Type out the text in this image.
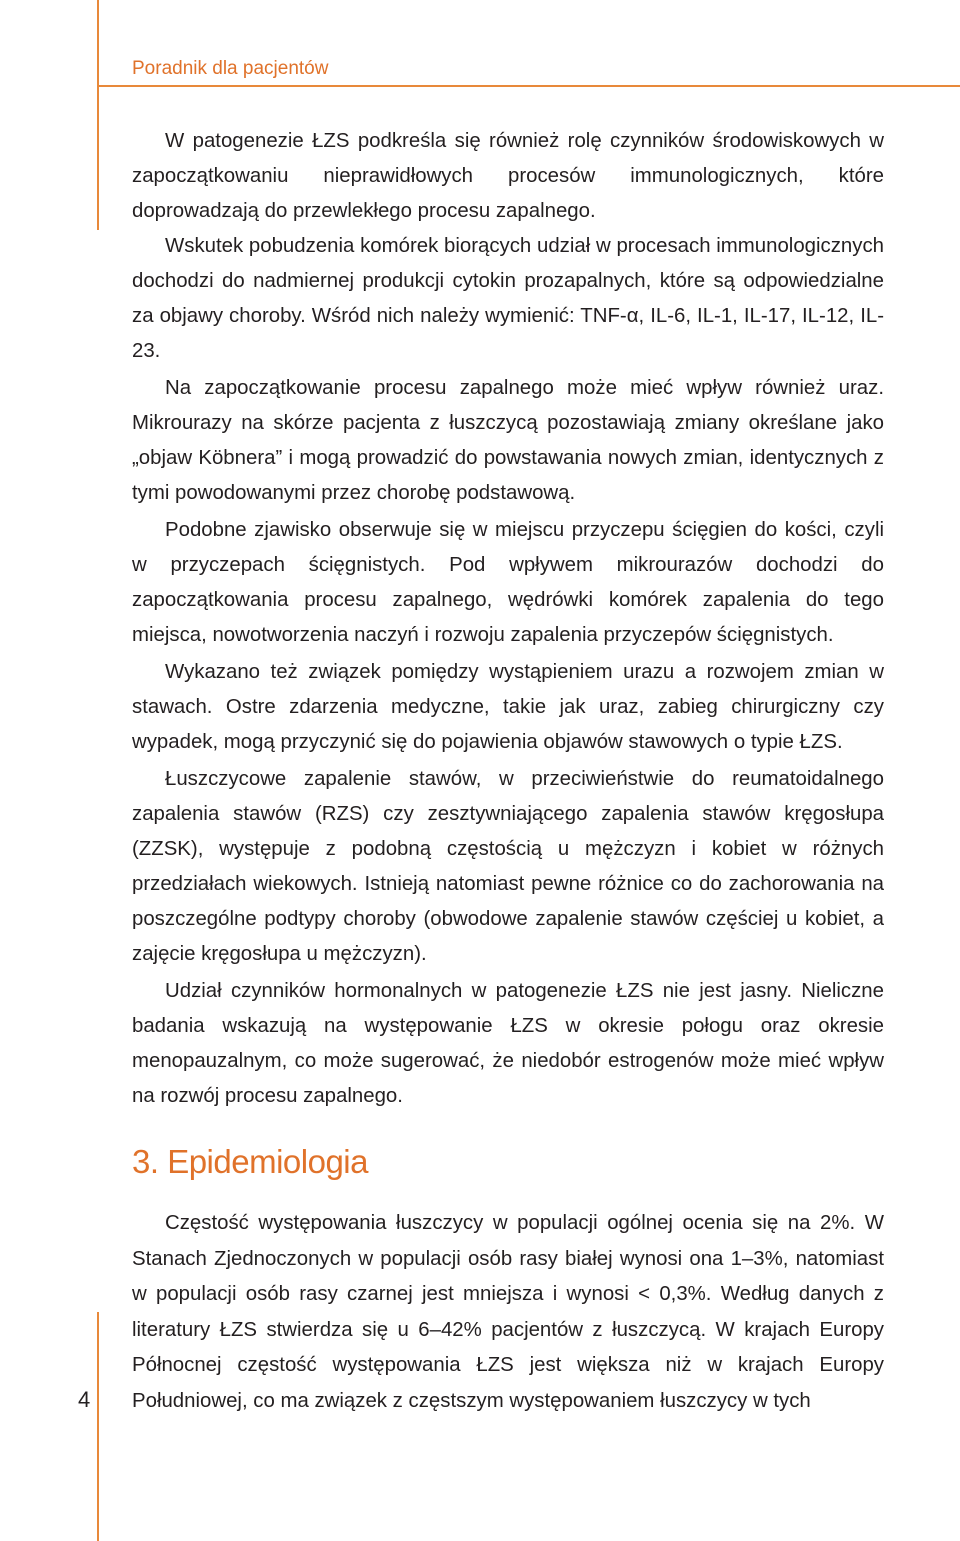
Poradnik dla pacjentów

W patogenezie ŁZS podkreśla się również rolę czynników środowiskowych w zapoczątkowaniu nieprawidłowych procesów immunologicznych, które doprowadzają do przewlekłego procesu zapalnego.

Wskutek pobudzenia komórek biorących udział w procesach immunologicznych dochodzi do nadmiernej produkcji cytokin prozapalnych, które są odpowiedzialne za objawy choroby. Wśród nich należy wymienić: TNF-α, IL-6, IL-1, IL-17, IL-12, IL-23.

Na zapoczątkowanie procesu zapalnego może mieć wpływ również uraz. Mikrourazy na skórze pacjenta z łuszczycą pozostawiają zmiany określane jako „objaw Köbnera” i mogą prowadzić do powstawania nowych zmian, identycznych z tymi powodowanymi przez chorobę podstawową.

Podobne zjawisko obserwuje się w miejscu przyczepu ścięgien do kości, czyli w przyczepach ścięgnistych. Pod wpływem mikrourazów dochodzi do zapoczątkowania procesu zapalnego, wędrówki komórek zapalenia do tego miejsca, nowotworzenia naczyń i rozwoju zapalenia przyczepów ścięgnistych.

Wykazano też związek pomiędzy wystąpieniem urazu a rozwojem zmian w stawach. Ostre zdarzenia medyczne, takie jak uraz, zabieg chirurgiczny czy wypadek, mogą przyczynić się do pojawienia objawów stawowych o typie ŁZS.

Łuszczycowe zapalenie stawów, w przeciwieństwie do reumatoidalnego zapalenia stawów (RZS) czy zesztywniającego zapalenia stawów kręgosłupa (ZZSK), występuje z podobną częstością u mężczyzn i kobiet w różnych przedziałach wiekowych. Istnieją natomiast pewne różnice co do zachorowania na poszczególne podtypy choroby (obwodowe zapalenie stawów częściej u kobiet, a zajęcie kręgosłupa u mężczyzn).

Udział czynników hormonalnych w patogenezie ŁZS nie jest jasny. Nieliczne badania wskazują na występowanie ŁZS w okresie połogu oraz okresie menopauzalnym, co może sugerować, że niedobór estrogenów może mieć wpływ na rozwój procesu zapalnego.

3. Epidemiologia

Częstość występowania łuszczycy w populacji ogólnej ocenia się na 2%. W Stanach Zjednoczonych w populacji osób rasy białej wynosi ona 1–3%, natomiast w populacji osób rasy czarnej jest mniejsza i wynosi < 0,3%. Według danych z literatury ŁZS stwierdza się u 6–42% pacjentów z łuszczycą. W krajach Europy Północnej częstość występowania ŁZS jest większa niż w krajach Europy Południowej, co ma związek z częstszym występowaniem łuszczycy w tych

4
